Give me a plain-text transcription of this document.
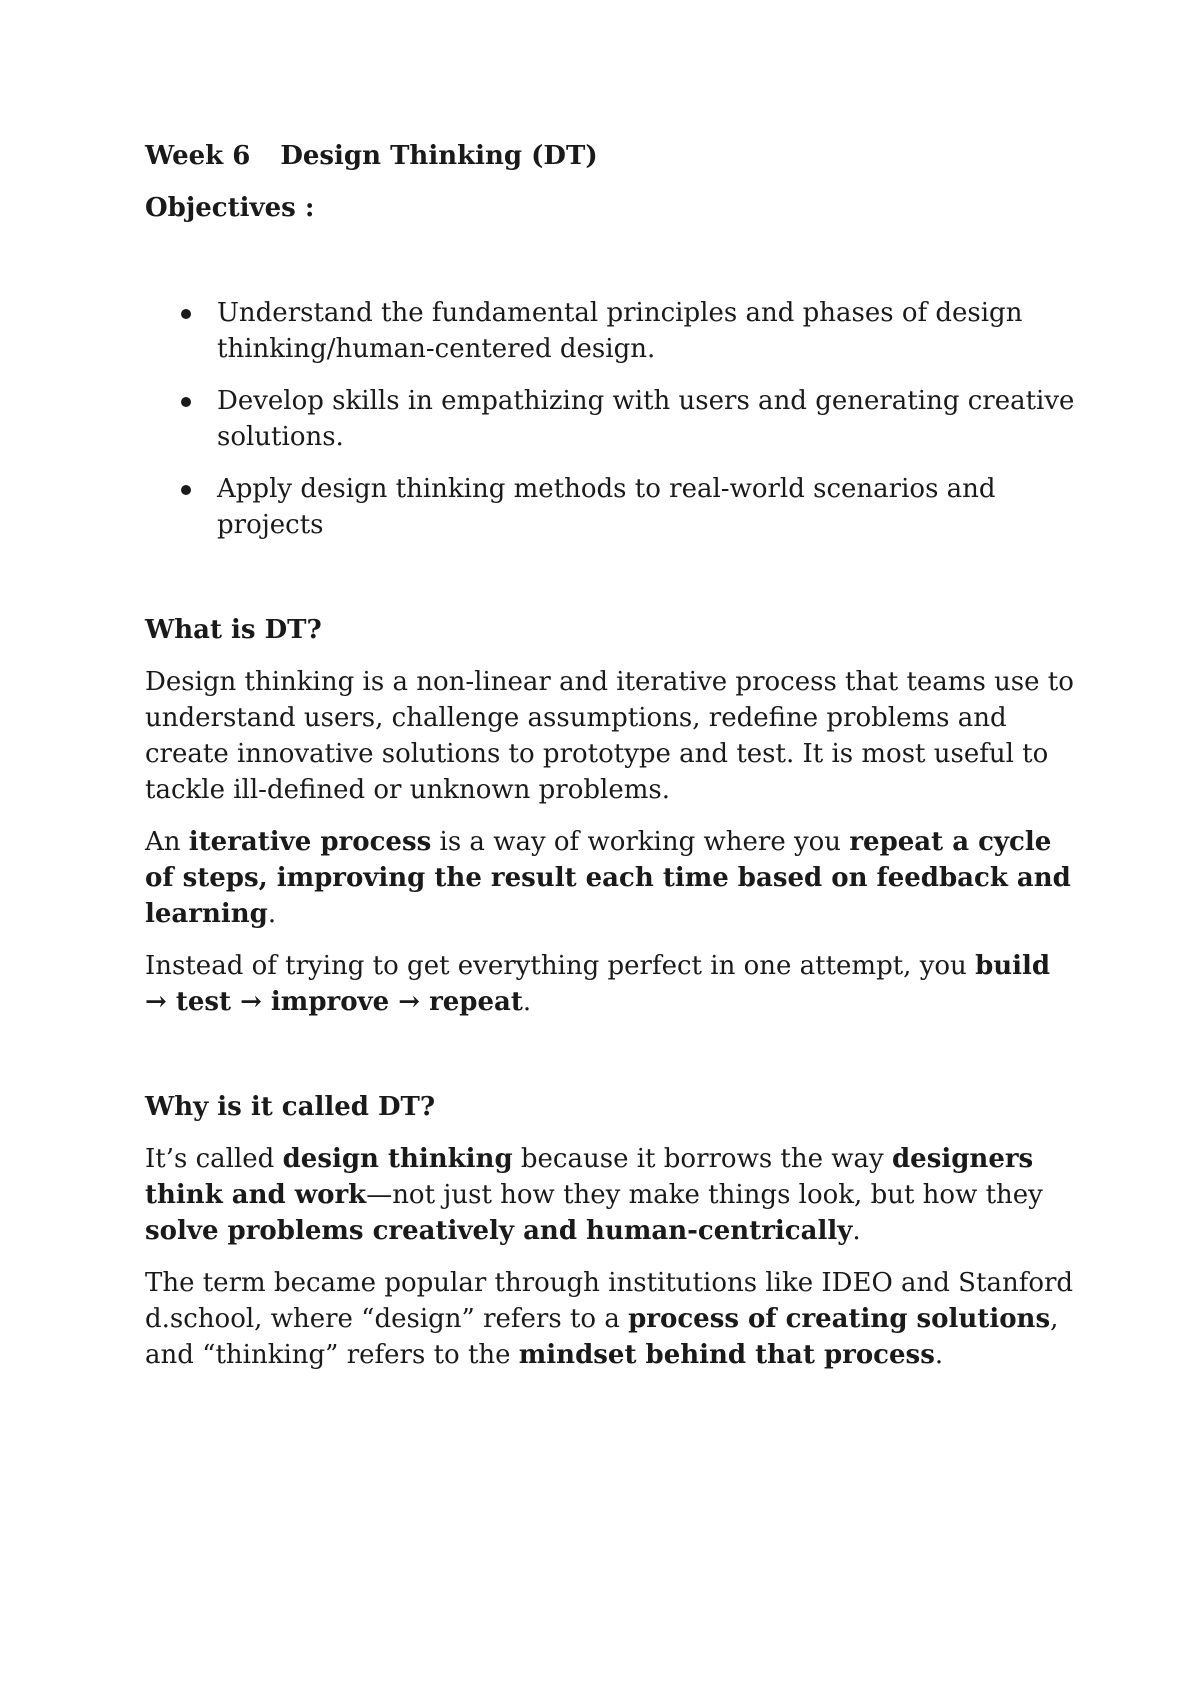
Week 6 Design Thinking (DT)
Objectives :
Understand the fundamental principles and phases of design thinking/human-centered design.
Develop skills in empathizing with users and generating creative solutions.
Apply design thinking methods to real-world scenarios and projects
What is DT?

Design thinking is a non-linear and iterative process that teams use to understand users, challenge assumptions, redefine problems and create innovative solutions to prototype and test. It is most useful to tackle ill-defined or unknown problems.

An iterative process is a way of working where you repeat a cycle of steps, improving the result each time based on feedback and learning.

Instead of trying to get everything perfect in one attempt, you build → test → improve → repeat.

Why is it called DT?

It’s called design thinking because it borrows the way designers think and work—not just how they make things look, but how they solve problems creatively and human-centrically.

The term became popular through institutions like IDEO and Stanford d.school, where “design” refers to a process of creating solutions, and “thinking” refers to the mindset behind that process.
